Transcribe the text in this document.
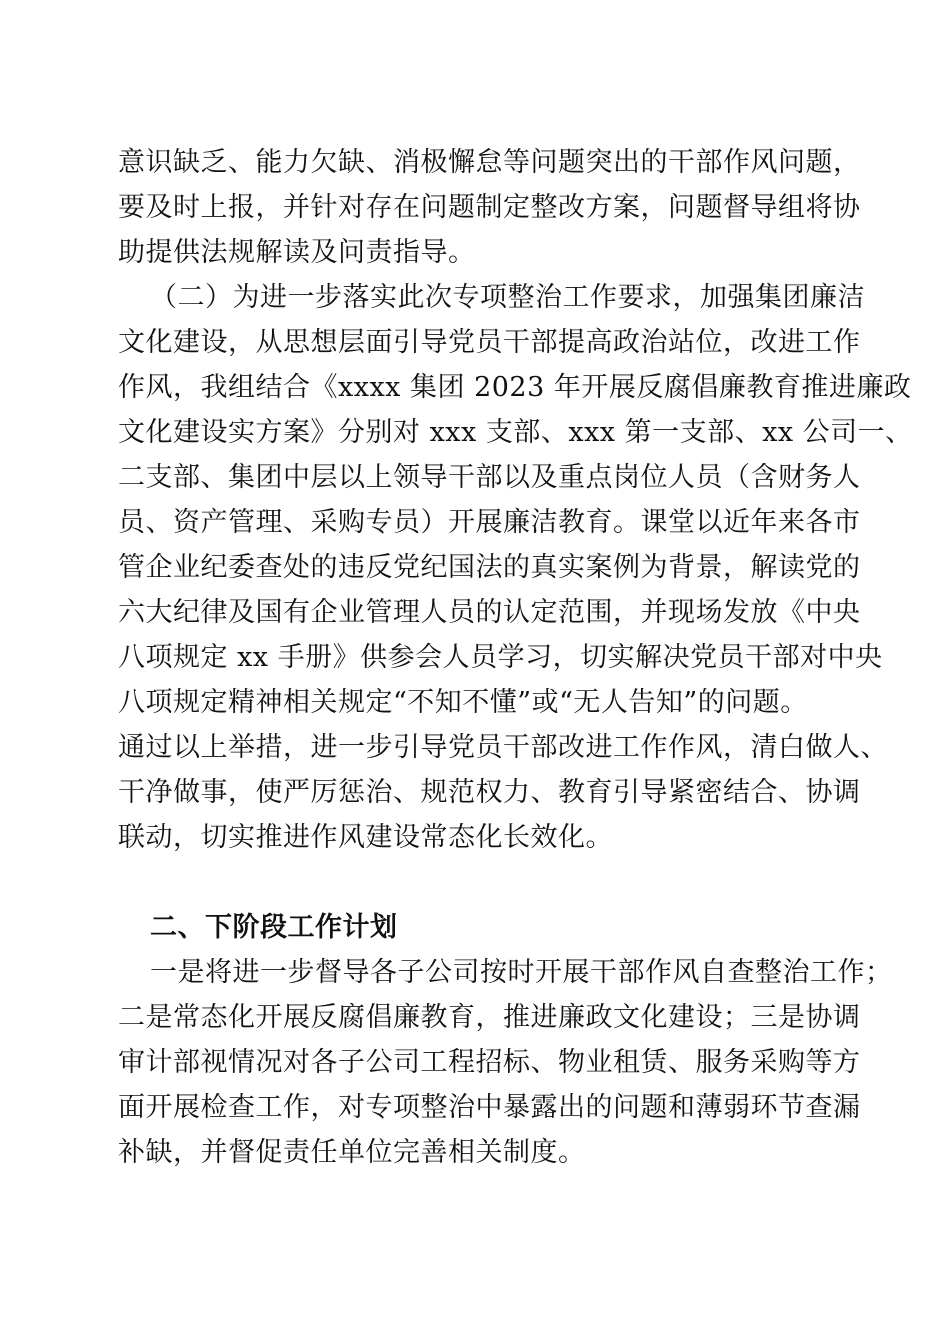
意识缺乏、能力欠缺、消极懈怠等问题突出的干部作风问题，
要及时上报，并针对存在问题制定整改方案，问题督导组将协
助提供法规解读及问责指导。
（二）为进一步落实此次专项整治工作要求，加强集团廉洁
文化建设，从思想层面引导党员干部提高政治站位，改进工作
作风，我组结合《xxxx 集团 2023 年开展反腐倡廉教育推进廉政
文化建设实方案》分别对 xxx 支部、xxx 第一支部、xx 公司一、
二支部、集团中层以上领导干部以及重点岗位人员（含财务人
员、资产管理、采购专员）开展廉洁教育。课堂以近年来各市
管企业纪委查处的违反党纪国法的真实案例为背景，解读党的
六大纪律及国有企业管理人员的认定范围，并现场发放《中央
八项规定 xx 手册》供参会人员学习，切实解决党员干部对中央
八项规定精神相关规定“不知不懂”或“无人告知”的问题。
通过以上举措，进一步引导党员干部改进工作作风，清白做人、
干净做事，使严厉惩治、规范权力、教育引导紧密结合、协调
联动，切实推进作风建设常态化长效化。
二、下阶段工作计划
一是将进一步督导各子公司按时开展干部作风自查整治工作；
二是常态化开展反腐倡廉教育，推进廉政文化建设；三是协调
审计部视情况对各子公司工程招标、物业租赁、服务采购等方
面开展检查工作，对专项整治中暴露出的问题和薄弱环节查漏
补缺，并督促责任单位完善相关制度。
